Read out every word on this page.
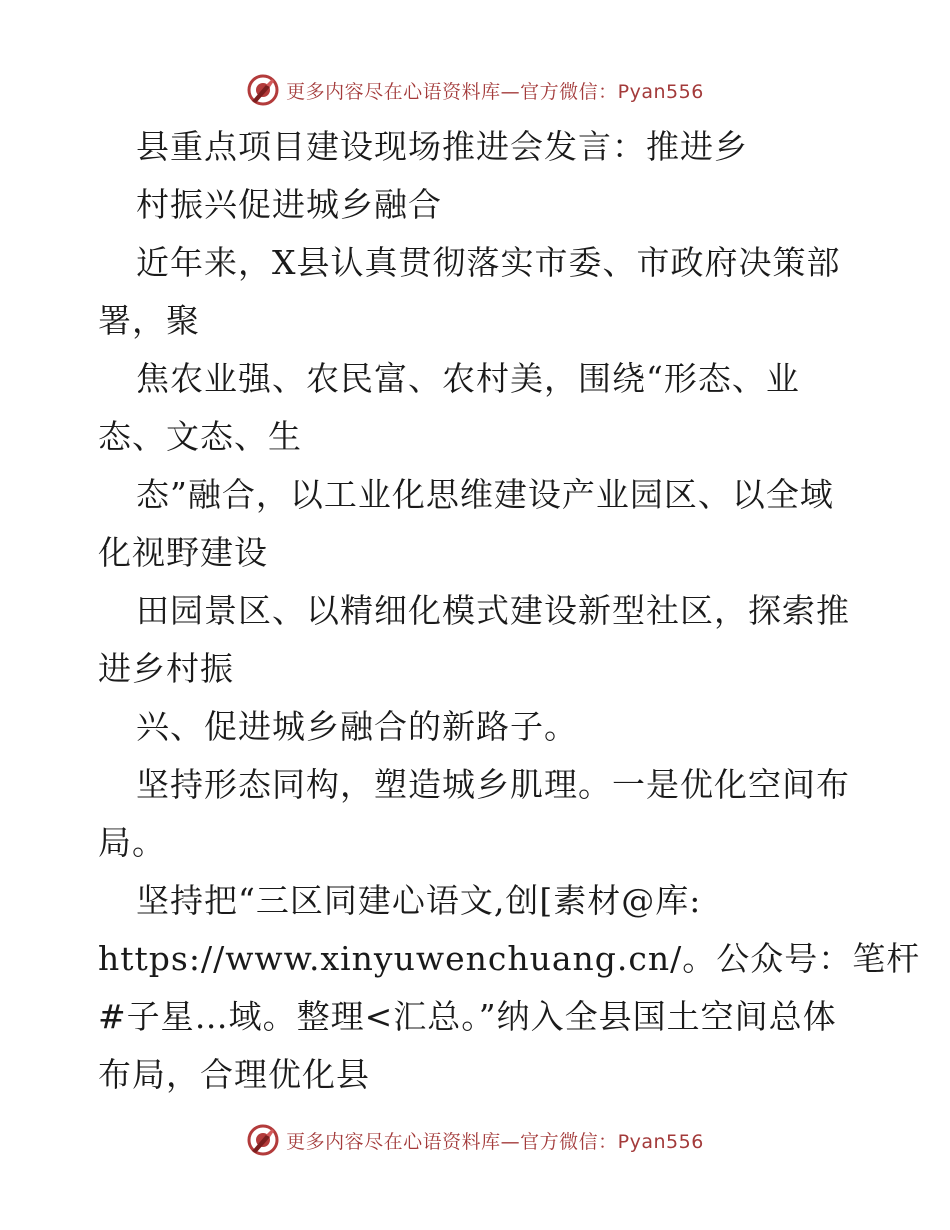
更多内容尽在心语资料库—官方微信：Pyan556
县重点项目建设现场推进会发言：推进乡
村振兴促进城乡融合
近年来，X县认真贯彻落实市委、市政府决策部
署，聚
焦农业强、农民富、农村美，围绕“形态、业
态、文态、生
态”融合，以工业化思维建设产业园区、以全域
化视野建设
田园景区、以精细化模式建设新型社区，探索推
进乡村振
兴、促进城乡融合的新路子。
坚持形态同构，塑造城乡肌理。一是优化空间布
局。
坚持把“三区同建心语文,创[素材@库:
https://www.xinyuwenchuang.cn/。公众号：笔杆
#子星…域。整理<汇总。”纳入全县国土空间总体
布局，合理优化县
更多内容尽在心语资料库—官方微信：Pyan556
